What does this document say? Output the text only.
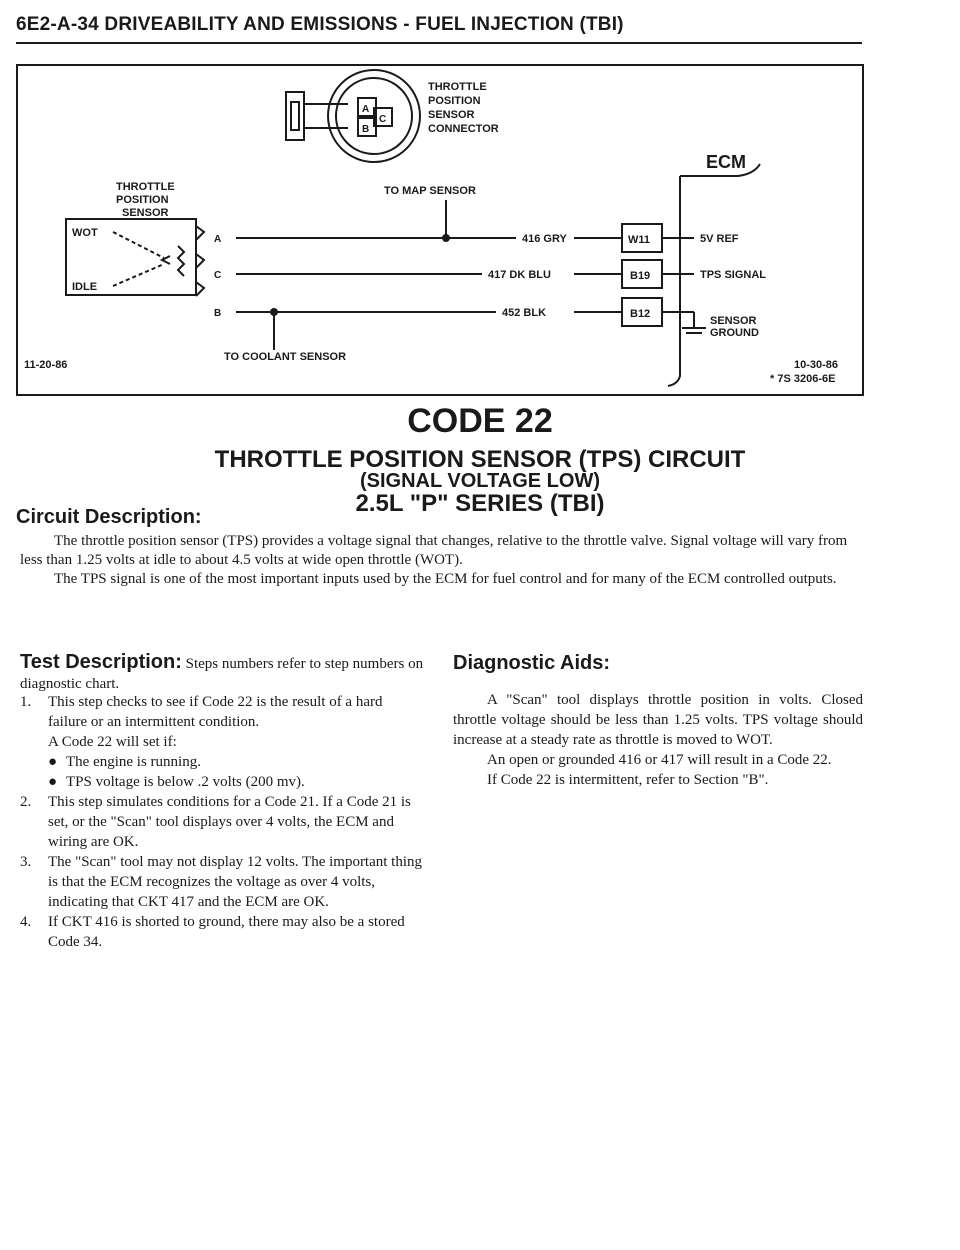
6E2-A-34 DRIVEABILITY AND EMISSIONS - FUEL INJECTION (TBI)
THROTTLE
POSITION
SENSOR
CONNECTOR
A
C
B
THROTTLE
POSITION
SENSOR
WOT
IDLE
A
C
B
TO MAP SENSOR
TO COOLANT SENSOR
416 GRY
417 DK BLU
452 BLK
W11
B19
B12
ECM
5V REF
TPS SIGNAL
SENSOR
GROUND
11-20-86	10-30-86
* 7S 3206-6E
CODE 22
THROTTLE POSITION SENSOR (TPS) CIRCUIT
(SIGNAL VOLTAGE LOW)
2.5L "P" SERIES (TBI)
Circuit Description:

The throttle position sensor (TPS) provides a voltage signal that changes, relative to the throttle valve. Signal voltage will vary from less than 1.25 volts at idle to about 4.5 volts at wide open throttle (WOT).

The TPS signal is one of the most important inputs used by the ECM for fuel control and for many of the ECM controlled outputs.

Test Description: Steps numbers refer to step numbers on diagnostic chart.
1. This step checks to see if Code 22 is the result of a hard failure or an intermittent condition.
A Code 22 will set if:
● The engine is running.
● TPS voltage is below .2 volts (200 mv).
2. This step simulates conditions for a Code 21. If a Code 21 is set, or the "Scan" tool displays over 4 volts, the ECM and wiring are OK.
3. The "Scan" tool may not display 12 volts. The important thing is that the ECM recognizes the voltage as over 4 volts, indicating that CKT 417 and the ECM are OK.
4. If CKT 416 is shorted to ground, there may also be a stored Code 34.
Diagnostic Aids:

A "Scan" tool displays throttle position in volts. Closed throttle voltage should be less than 1.25 volts. TPS voltage should increase at a steady rate as throttle is moved to WOT.

An open or grounded 416 or 417 will result in a Code 22.

If Code 22 is intermittent, refer to Section "B".
